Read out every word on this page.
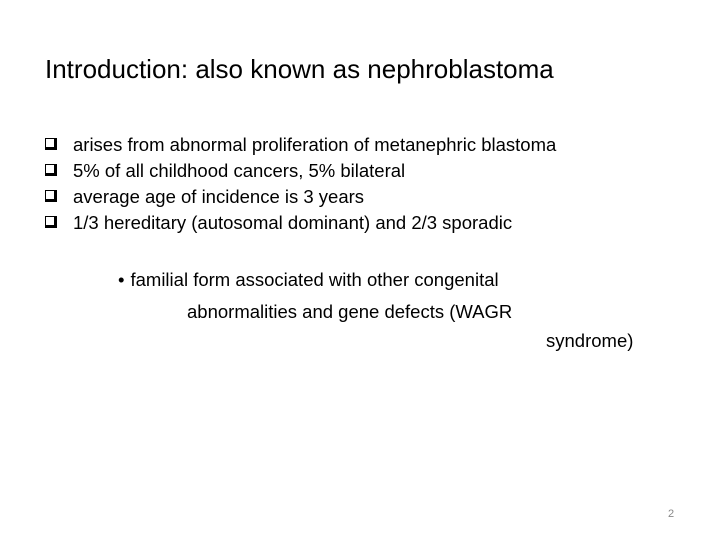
Introduction: also known as nephroblastoma
arises from abnormal proliferation of metanephric blastoma
5% of all childhood cancers, 5% bilateral
average age of incidence is 3 years
1/3 hereditary (autosomal dominant) and 2/3 sporadic
• familial form associated with other congenital
abnormalities and gene defects (WAGR
syndrome)
2
